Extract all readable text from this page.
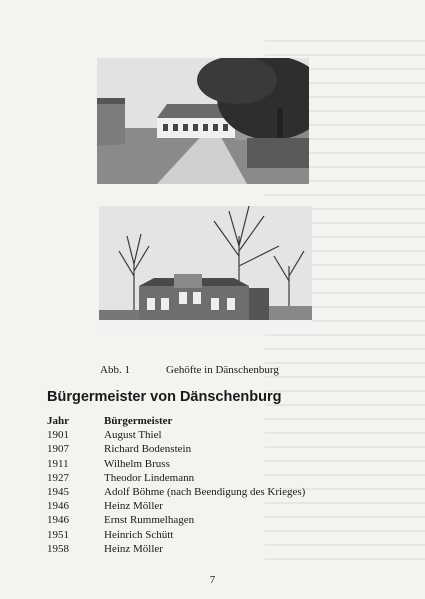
Abb. 1	Gehöfte in Dänschenburg
Bürgermeister von Dänschenburg
Jahr	Bürgermeister
1901	August Thiel
1907	Richard Bodenstein
1911	Wilhelm Bruss
1927	Theodor Lindemann
1945	Adolf Böhme (nach Beendigung des Krieges)
1946	Heinz Möller
1946	Ernst Rummelhagen
1951	Heinrich Schütt
1958	Heinz Möller
7
